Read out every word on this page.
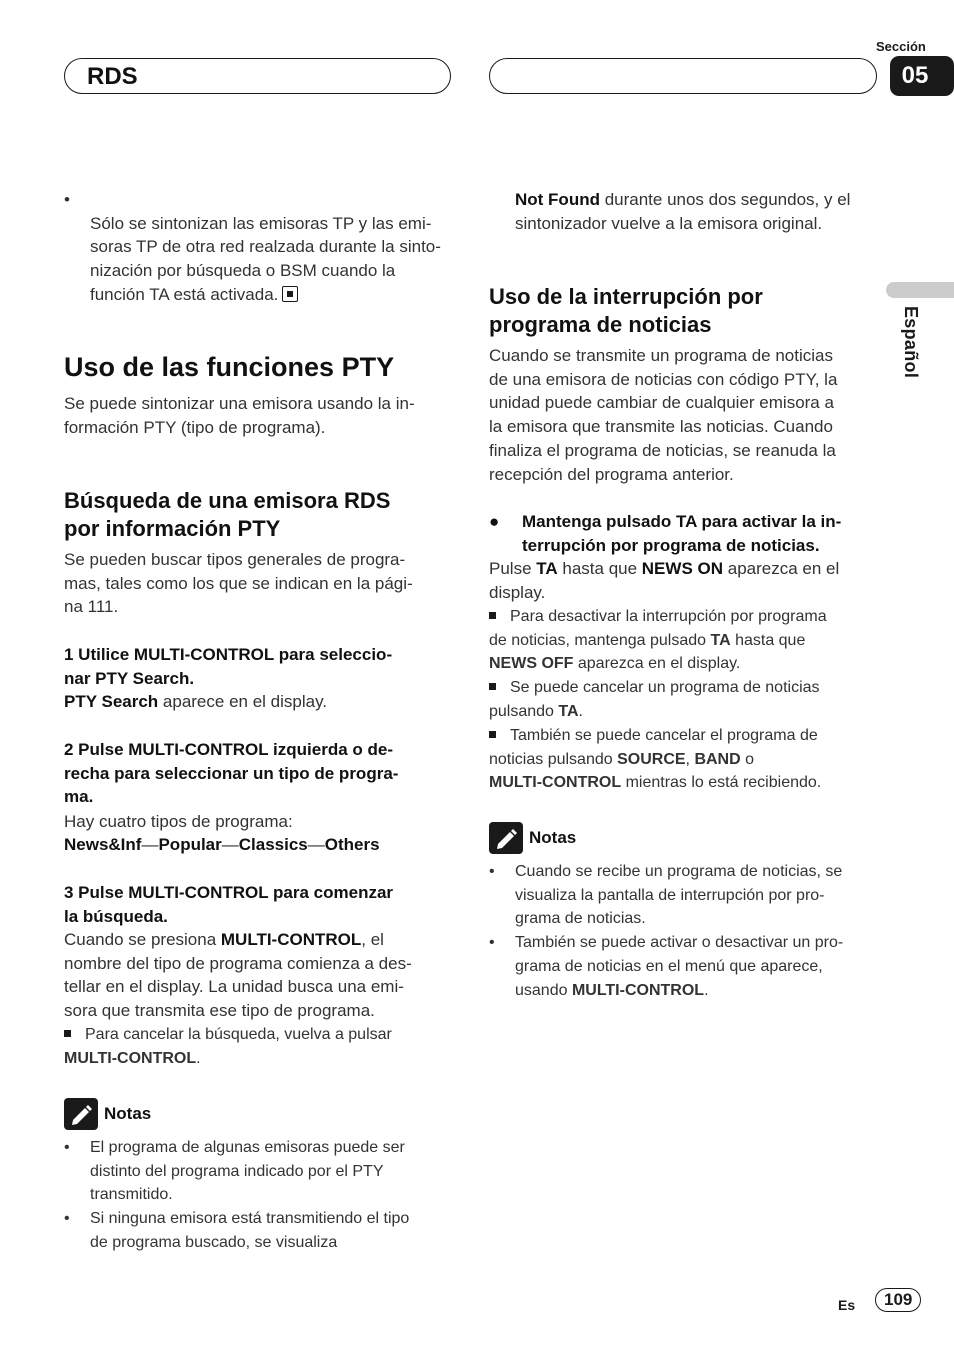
Sección
RDS	05
Español

•
Sólo se sintonizan las emisoras TP y las emi-
soras TP de otra red realzada durante la sinto-
nización por búsqueda o BSM cuando la
función TA está activada.

Uso de las funciones PTY
Se puede sintonizar una emisora usando la in-
formación PTY (tipo de programa).
Búsqueda de una emisora RDS
por información PTY
Se pueden buscar tipos generales de progra-
mas, tales como los que se indican en la pági-
na 111.
1 Utilice MULTI-CONTROL para seleccio-
nar PTY Search.
PTY Search aparece en el display.
2 Pulse MULTI-CONTROL izquierda o de-
recha para seleccionar un tipo de progra-
ma.
Hay cuatro tipos de programa:
News&Inf—Popular—Classics—Others
3 Pulse MULTI-CONTROL para comenzar
la búsqueda.
Cuando se presiona MULTI-CONTROL, el
nombre del tipo de programa comienza a des-
tellar en el display. La unidad busca una emi-
sora que transmita ese tipo de programa.
Para cancelar la búsqueda, vuelva a pulsar
MULTI-CONTROL.
Notas
• El programa de algunas emisoras puede ser
distinto del programa indicado por el PTY
transmitido.
• Si ninguna emisora está transmitiendo el tipo
de programa buscado, se visualiza
Not Found durante unos dos segundos, y el
sintonizador vuelve a la emisora original.
Uso de la interrupción por
programa de noticias
Cuando se transmite un programa de noticias
de una emisora de noticias con código PTY, la
unidad puede cambiar de cualquier emisora a
la emisora que transmite las noticias. Cuando
finaliza el programa de noticias, se reanuda la
recepción del programa anterior.
●	Mantenga pulsado TA para activar la in-
terrupción por programa de noticias.
Pulse TA hasta que NEWS ON aparezca en el
display.
Para desactivar la interrupción por programa
de noticias, mantenga pulsado TA hasta que
NEWS OFF aparezca en el display.
Se puede cancelar un programa de noticias
pulsando TA.
También se puede cancelar el programa de
noticias pulsando SOURCE, BAND o
MULTI-CONTROL mientras lo está recibiendo.
Notas
• Cuando se recibe un programa de noticias, se
visualiza la pantalla de interrupción por pro-
grama de noticias.
• También se puede activar o desactivar un pro-
grama de noticias en el menú que aparece,
usando MULTI-CONTROL.
Es	109
